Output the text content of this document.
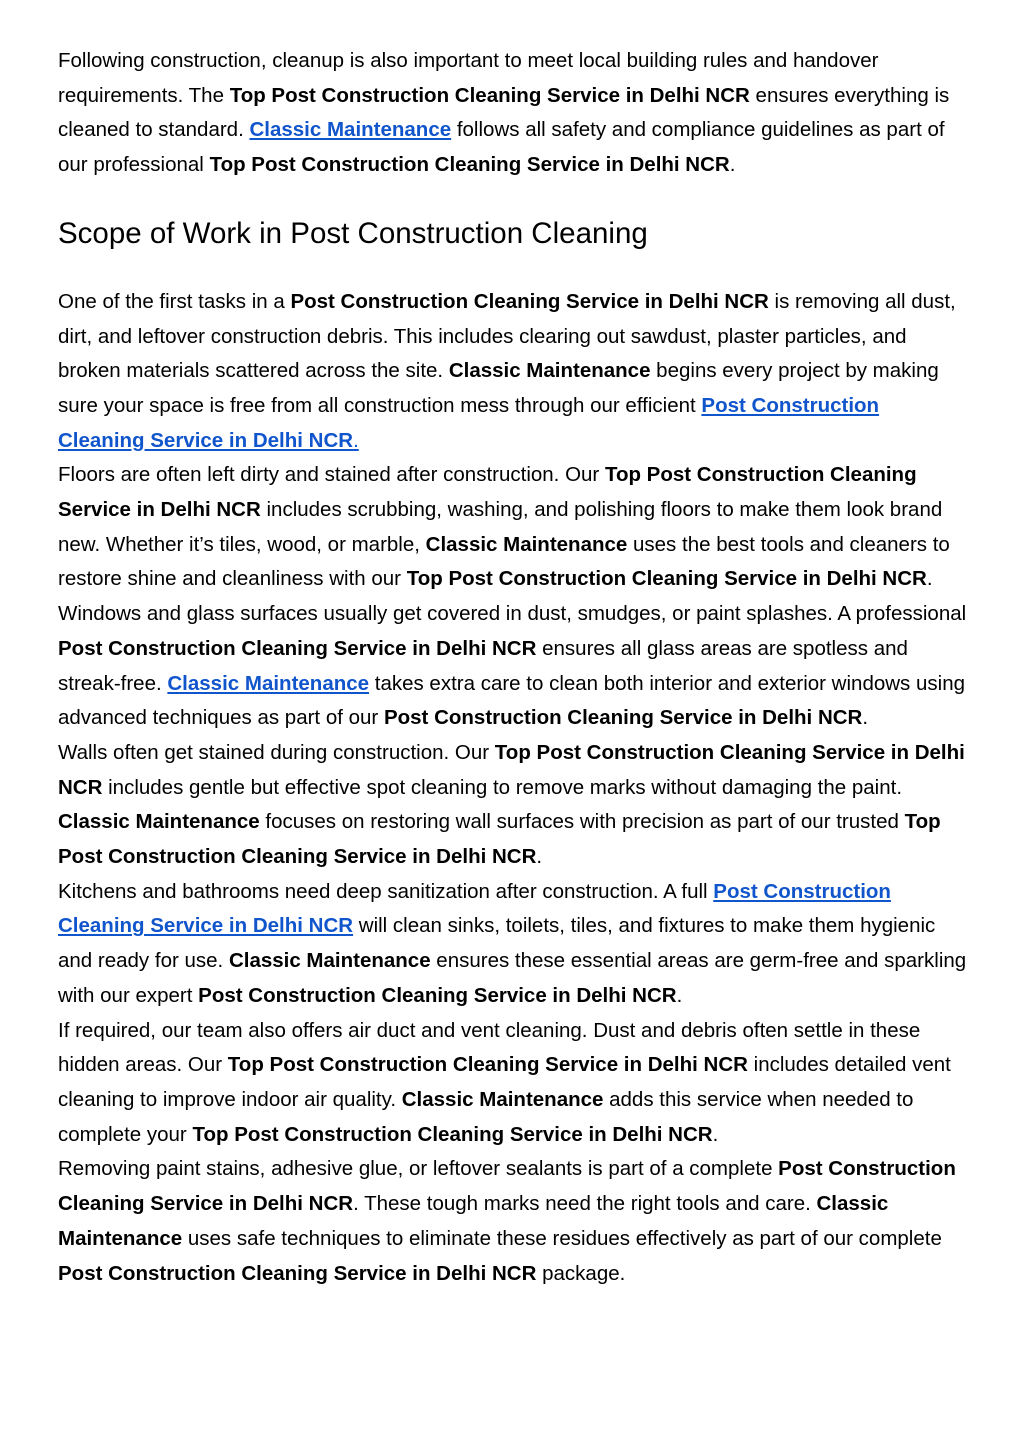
Following construction, cleanup is also important to meet local building rules and handover requirements. The Top Post Construction Cleaning Service in Delhi NCR ensures everything is cleaned to standard. Classic Maintenance follows all safety and compliance guidelines as part of our professional Top Post Construction Cleaning Service in Delhi NCR.

Scope of Work in Post Construction Cleaning

One of the first tasks in a Post Construction Cleaning Service in Delhi NCR is removing all dust, dirt, and leftover construction debris. This includes clearing out sawdust, plaster particles, and broken materials scattered across the site. Classic Maintenance begins every project by making sure your space is free from all construction mess through our efficient Post Construction Cleaning Service in Delhi NCR.

Floors are often left dirty and stained after construction. Our Top Post Construction Cleaning Service in Delhi NCR includes scrubbing, washing, and polishing floors to make them look brand new. Whether it’s tiles, wood, or marble, Classic Maintenance uses the best tools and cleaners to restore shine and cleanliness with our Top Post Construction Cleaning Service in Delhi NCR.

Windows and glass surfaces usually get covered in dust, smudges, or paint splashes. A professional Post Construction Cleaning Service in Delhi NCR ensures all glass areas are spotless and streak-free. Classic Maintenance takes extra care to clean both interior and exterior windows using advanced techniques as part of our Post Construction Cleaning Service in Delhi NCR.

Walls often get stained during construction. Our Top Post Construction Cleaning Service in Delhi NCR includes gentle but effective spot cleaning to remove marks without damaging the paint. Classic Maintenance focuses on restoring wall surfaces with precision as part of our trusted Top Post Construction Cleaning Service in Delhi NCR.

Kitchens and bathrooms need deep sanitization after construction. A full Post Construction Cleaning Service in Delhi NCR will clean sinks, toilets, tiles, and fixtures to make them hygienic and ready for use. Classic Maintenance ensures these essential areas are germ-free and sparkling with our expert Post Construction Cleaning Service in Delhi NCR.

If required, our team also offers air duct and vent cleaning. Dust and debris often settle in these hidden areas. Our Top Post Construction Cleaning Service in Delhi NCR includes detailed vent cleaning to improve indoor air quality. Classic Maintenance adds this service when needed to complete your Top Post Construction Cleaning Service in Delhi NCR.

Removing paint stains, adhesive glue, or leftover sealants is part of a complete Post Construction Cleaning Service in Delhi NCR. These tough marks need the right tools and care. Classic Maintenance uses safe techniques to eliminate these residues effectively as part of our complete Post Construction Cleaning Service in Delhi NCR package.
